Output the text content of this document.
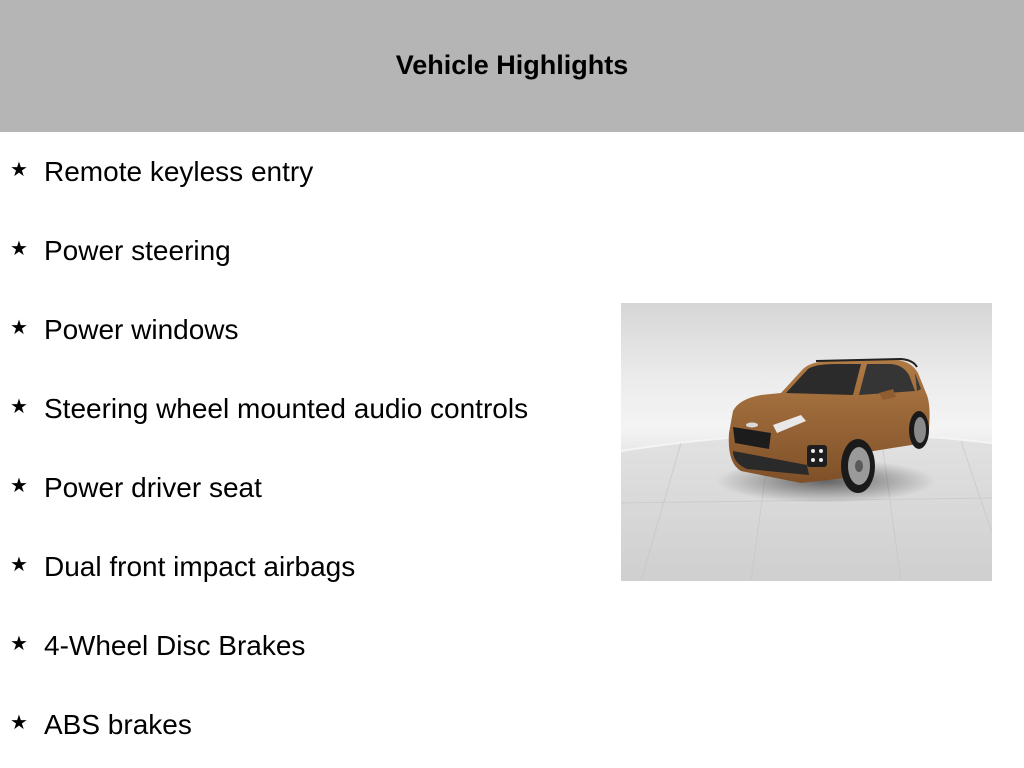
Vehicle Highlights
★ Remote keyless entry
★ Power steering
★ Power windows
★ Steering wheel mounted audio controls
★ Power driver seat
★ Dual front impact airbags
★ 4-Wheel Disc Brakes
★ ABS brakes
